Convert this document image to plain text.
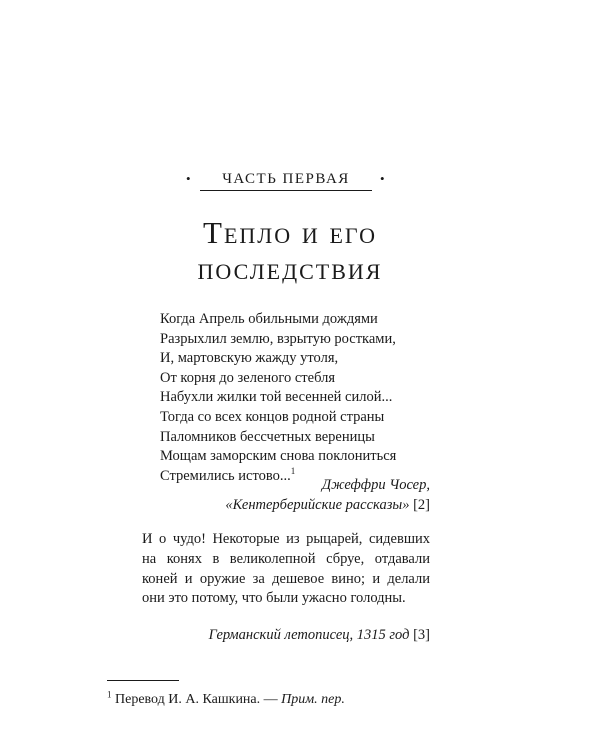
• ЧАСТЬ ПЕРВАЯ •
Тепло и его
последствия
Когда Апрель обильными дождями
Разрыхлил землю, взрытую ростками,
И, мартовскую жажду утоля,
От корня до зеленого стебля
Набухли жилки той весенней силой...
Тогда со всех концов родной страны
Паломников бессчетных вереницы
Мощам заморским снова поклониться
Стремились истово...$^1$
Джеффри Чосер,
«Кентерберийские рассказы» [2]
И о чудо! Некоторые из рыцарей, сидевших на конях в великолепной сбруе, отдавали коней и оружие за дешевое вино; и делали они это потому, что были ужасно голодны.
Германский летописец, 1315 год [3]
$^1$ Перевод И. А. Кашкина. — Прим. пер.
